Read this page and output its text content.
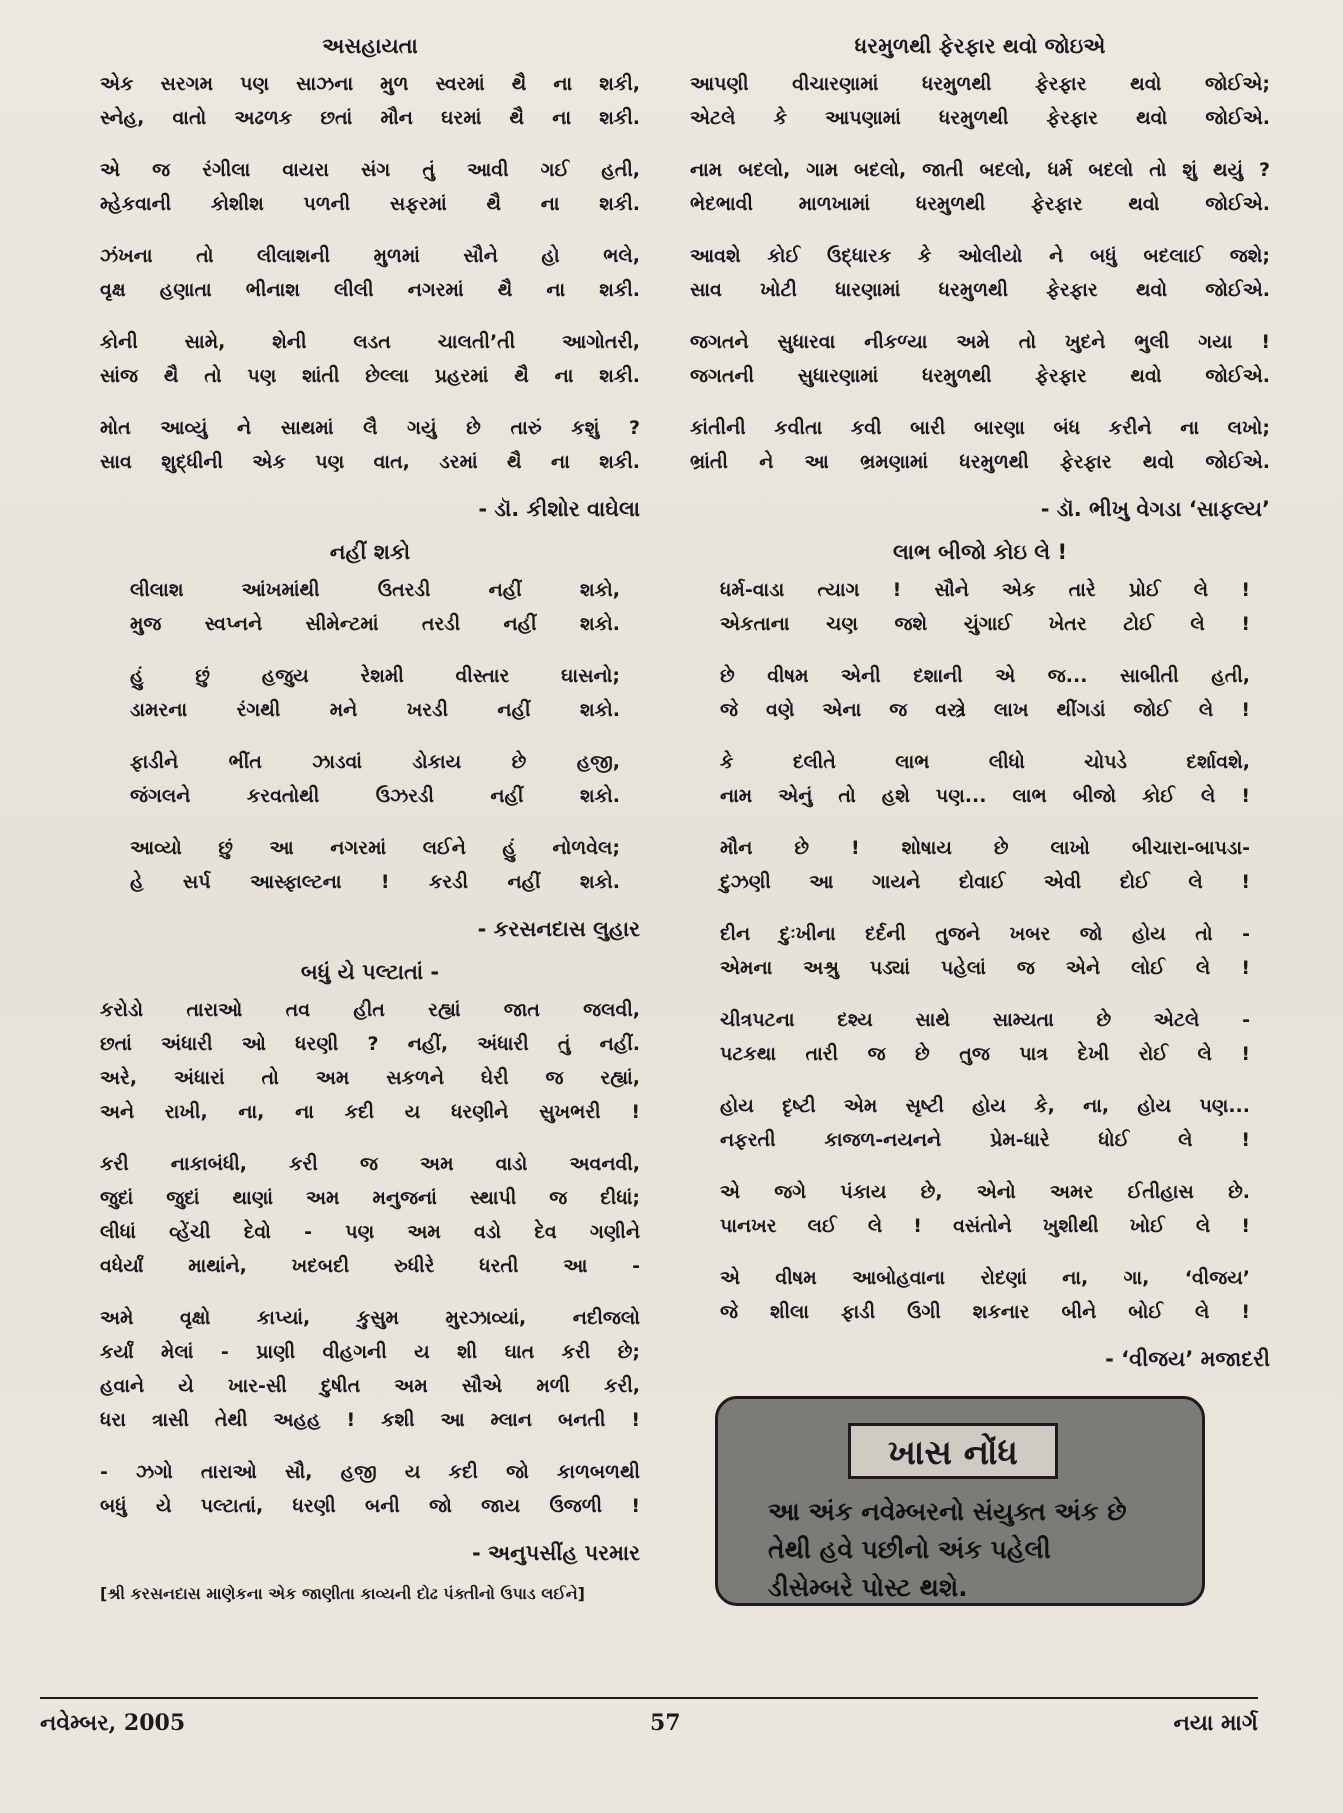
અસહાયતા
એક સરગમ પણ સાઝના મુળ સ્વરમાં થૈ ના શકી,
સ્નેહ, વાતો અઢળક છતાં મૌન ઘરમાં થૈ ના શકી.
એ જ રંગીલા વાયરા સંગ તું આવી ગઈ હતી,
મ્હેકવાની કોશીશ પળની સફરમાં થૈ ના શકી.
ઝંખના તો લીલાશની મુળમાં સૌને હો ભલે,
વૃક્ષ હણાતા ભીનાશ લીલી નગરમાં થૈ ના શકી.
કોની સામે, શેની લડત ચાલતી’તી આગોતરી,
સાંજ થૈ તો પણ શાંતી છેલ્લા પ્રહરમાં થૈ ના શકી.
મોત આવ્યું ને સાથમાં લૈ ગયું છે તારું કશું ?
સાવ શુદ્ધીની એક પણ વાત, ડરમાં થૈ ના શકી.
- ડૉ. કીશોર વાઘેલા
નહીં શકો
લીલાશ આંખમાંથી ઉતરડી નહીં શકો,
મુજ સ્વપ્નને સીમેન્ટમાં તરડી નહીં શકો.
હું છું હજુય રેશમી વીસ્તાર ઘાસનો;
ડામરના રંગથી મને ખરડી નહીં શકો.
ફાડીને ભીંત ઝાડવાં ડોકાય છે હજી,
જંગલને કરવતોથી ઉઝરડી નહીં શકો.
આવ્યો છું આ નગરમાં લઈને હું નોળવેલ;
હે સર્પ આસ્ફાલ્ટના ! કરડી નહીં શકો.
- કરસનદાસ લુહાર
બધું યે પલ્ટાતાં -
કરોડો તારાઓ તવ હીત રહ્યાં જાત જલવી,
છતાં અંધારી ઓ ધરણી ? નહીં, અંધારી તું નહીં.
અરે, અંધારાં તો અમ સકળને ઘેરી જ રહ્યાં,
અને રાખી, ના, ના કદી ય ધરણીને સુખભરી !
કરી નાકાબંધી, કરી જ અમ વાડો અવનવી,
જુદાં જુદાં થાણાં અમ મનુજનાં સ્થાપી જ દીધાં;
લીધાં વ્હેંચી દેવો - પણ અમ વડો દેવ ગણીને
વધેર્યાં માથાંને, ખદબદી રુધીરે ધરતી આ -
અમે વૃક્ષો કાપ્યાં, કુસુમ મુરઝાવ્યાં, નદીજલો
કર્યાં મેલાં - પ્રાણી વીહગની ય શી ઘાત કરી છે;
હવાને યે ખાર-સી દુષીત અમ સૌએ મળી કરી,
ધરા ત્રાસી તેથી અહહ ! કશી આ મ્લાન બનતી !
- ઝગો તારાઓ સૌ, હજી ય કદી જો કાળબળથી
બધું યે પલ્ટાતાં, ધરણી બની જો જાય ઉજળી !
- અનુપસીંહ પરમાર
[શ્રી કરસનદાસ માણેકના એક જાણીતા કાવ્યની દોઢ પંક્તીનો ઉપાડ લઈને]
ધરમુળથી ફેરફાર થવો જોઇએ
આપણી વીચારણામાં ધરમુળથી ફેરફાર થવો જોઈએ;
એટલે કે આપણામાં ધરમુળથી ફેરફાર થવો જોઈએ.
નામ બદલો, ગામ બદલો, જાતી બદલો, ધર્મ બદલો તો શું થયું ?
ભેદભાવી માળખામાં ધરમુળથી ફેરફાર થવો જોઈએ.
આવશે કોઈ ઉદ્ધારક કે ઓલીયો ને બધું બદલાઈ જશે;
સાવ ખોટી ધારણામાં ધરમુળથી ફેરફાર થવો જોઈએ.
જગતને સુધારવા નીકળ્યા અમે તો ખુદને ભુલી ગયા !
જગતની સુધારણામાં ધરમુળથી ફેરફાર થવો જોઈએ.
કાંતીની કવીતા કવી બારી બારણા બંધ કરીને ના લખો;
ભ્રાંતી ને આ ભ્રમણામાં ધરમુળથી ફેરફાર થવો જોઈએ.
- ડૉ. ભીખુ વેગડા ‘સાફલ્ય’
લાભ બીજો કોઇ લે !
ધર્મ-વાડા ત્યાગ ! સૌને એક તારે પ્રોઈ લે !
એકતાના ચણ જશે ચુંગાઈ ખેતર ટોઈ લે !
છે વીષમ એની દશાની એ જ... સાબીતી હતી,
જે વણે એના જ વસ્ત્રે લાખ થીંગડાં જોઈ લે !
કે દલીતે લાભ લીધો ચોપડે દર્શાવશે,
નામ એનું તો હશે પણ... લાભ બીજો કોઈ લે !
મૌન છે ! શોષાય છે લાખો બીચારા-બાપડા-
દુઝણી આ ગાયને દોવાઈ એવી દોઈ લે !
દીન દુઃખીના દર્દની તુજને ખબર જો હોય તો -
એમના અશ્રુ પડ્યાં પહેલાં જ એને લોઈ લે !
ચીત્રપટના દશ્ય સાથે સામ્યતા છે એટલે -
પટકથા તારી જ છે તુજ પાત્ર દેખી રોઈ લે !
હોય દૃષ્ટી એમ સૃષ્ટી હોય કે, ના, હોય પણ...
નફરતી કાજળ-નયનને પ્રેમ-ધારે ધોઈ લે !
એ જગે પંકાય છે, એનો અમર ઈતીહાસ છે.
પાનખર લઈ લે ! વસંતોને ખુશીથી ખોઈ લે !
એ વીષમ આબોહવાના રોદણાં ના, ગા, ‘વીજય’
જે શીલા ફાડી ઉગી શકનાર બીને બોઈ લે !
- ‘વીજય’ મજાદરી
ખાસ નોંધ
આ અંક નવેમ્બરનો સંયુક્ત અંક છે
તેથી હવે પછીનો અંક પહેલી
ડીસેમ્બરે પોસ્ટ થશે.
નવેમ્બર, 2005	57	નયા માર્ગ
